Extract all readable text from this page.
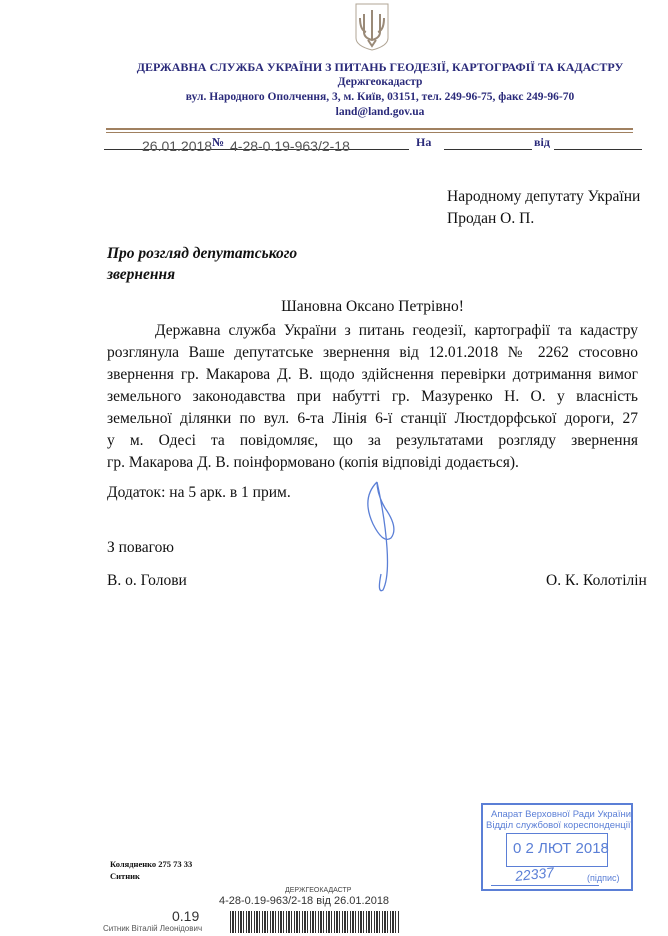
ДЕРЖАВНА СЛУЖБА УКРАЇНИ З ПИТАНЬ ГЕОДЕЗІЇ, КАРТОГРАФІЇ ТА КАДАСТРУ
Держгеокадастр
вул. Народного Ополчення, 3, м. Київ, 03151, тел. 249-96-75, факс 249-96-70
land@land.gov.ua
26.01.2018 № 4-28-0.19-963/2-18	На	від
Народному депутату України
Продан О. П.
Про розгляд депутатського
звернення
Шановна Оксано Петрівно!
Державна служба України з питань геодезії, картографії та кадастру
розглянула Ваше депутатське звернення від 12.01.2018 № 2262 стосовно
звернення гр. Макарова Д. В. щодо здійснення перевірки дотримання вимог
земельного законодавства при набутті гр. Мазуренко Н. О. у власність
земельної ділянки по вул. 6-та Лінія 6-ї станції Люстдорфської дороги, 27
у м. Одесі та повідомляє, що за результатами розгляду звернення
гр. Макарова Д. В. поінформовано (копія відповіді додається).
Додаток: на 5 арк. в 1 прим.
З повагою
В. о. Голови	О. К. Колотілін
Апарат Верховної Ради України
Відділ службової кореспонденції
0 2 ЛЮТ 2018
22337	(підпис)
Колядненко 275 73 33
Ситник
ДЕРЖГЕОКАДАСТР
4-28-0.19-963/2-18 від 26.01.2018
0.19
Ситник Віталій Леонідович
